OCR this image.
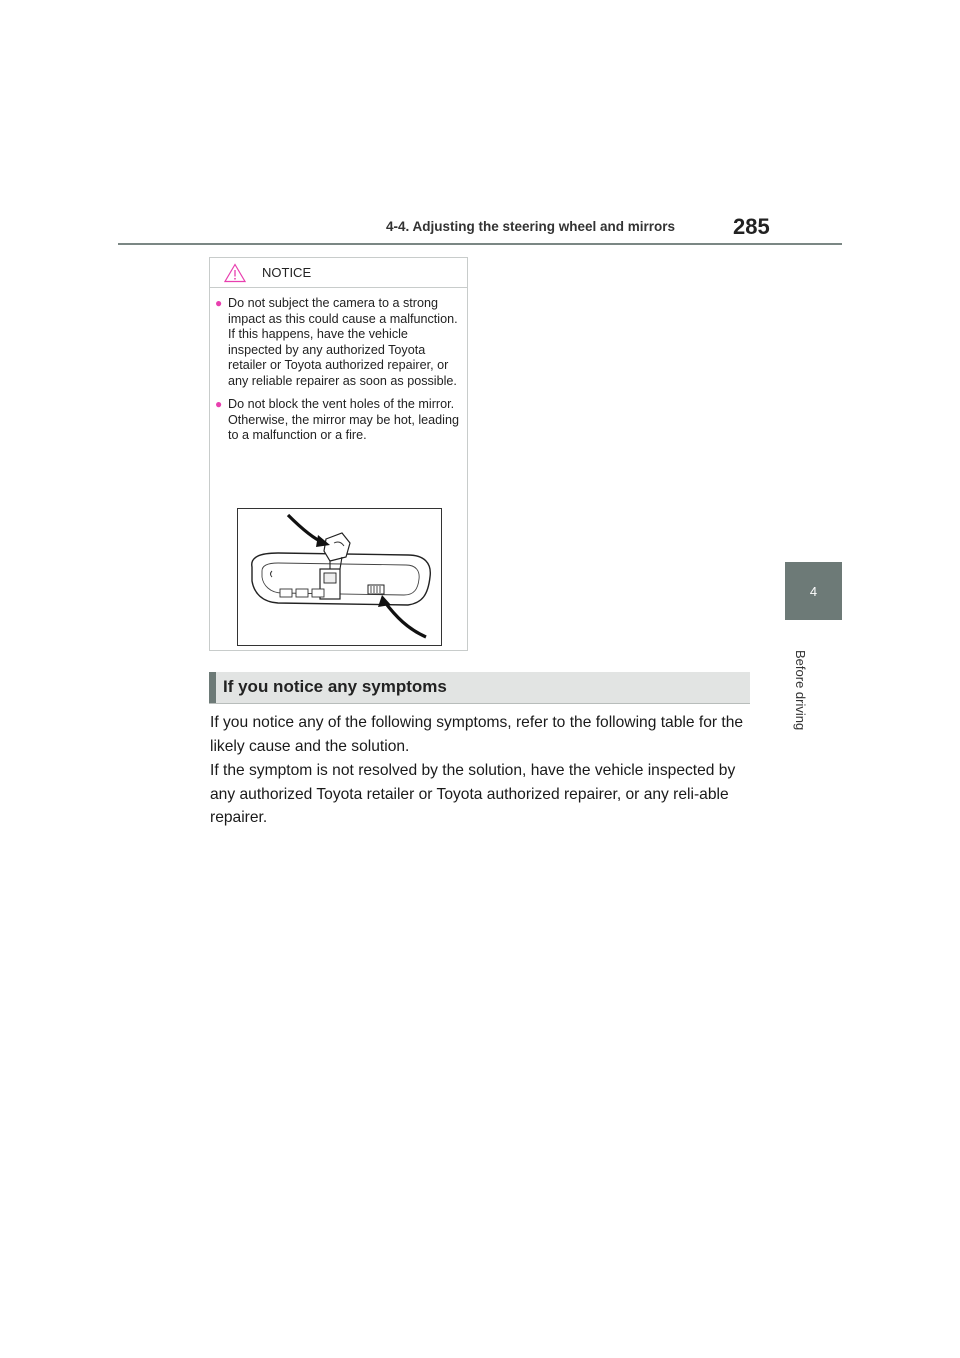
4-4. Adjusting the steering wheel and mirrors	285
4
Before driving
NOTICE
● Do not subject the camera to a strong impact as this could cause a malfunction.
If this happens, have the vehicle inspected by any authorized Toyota retailer or Toyota authorized repairer, or any reliable repairer as soon as possible.
● Do not block the vent holes of the mirror. Otherwise, the mirror may be hot, leading to a malfunction or a fire.
If you notice any symptoms
If you notice any of the following symptoms, refer to the following table for the likely cause and the solution.
If the symptom is not resolved by the solution, have the vehicle inspected by any authorized Toyota retailer or Toyota authorized repairer, or any reli-able repairer.
